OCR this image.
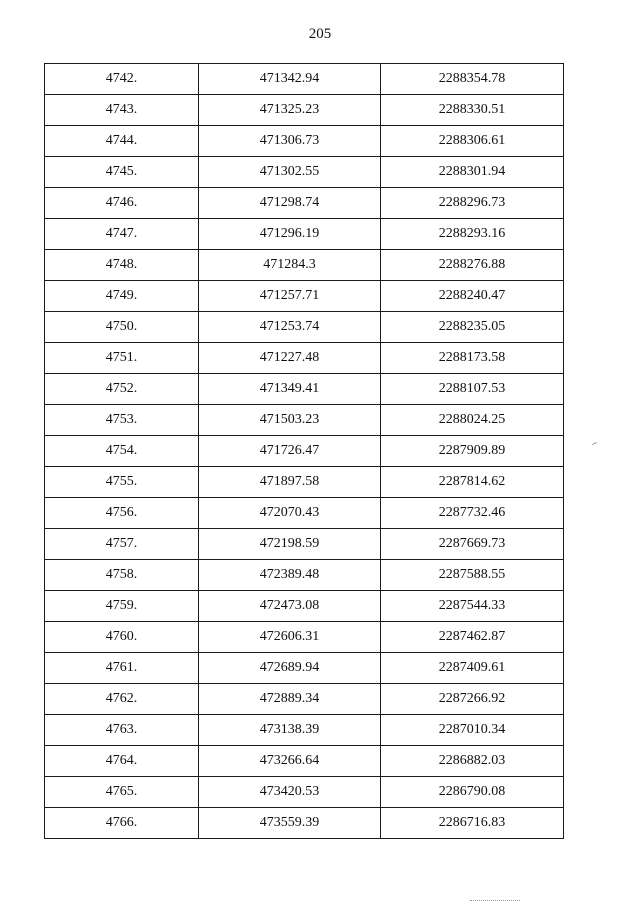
205
4742.	471342.94	2288354.78
4743.	471325.23	2288330.51
4744.	471306.73	2288306.61
4745.	471302.55	2288301.94
4746.	471298.74	2288296.73
4747.	471296.19	2288293.16
4748.	471284.3	2288276.88
4749.	471257.71	2288240.47
4750.	471253.74	2288235.05
4751.	471227.48	2288173.58
4752.	471349.41	2288107.53
4753.	471503.23	2288024.25
4754.	471726.47	2287909.89
4755.	471897.58	2287814.62
4756.	472070.43	2287732.46
4757.	472198.59	2287669.73
4758.	472389.48	2287588.55
4759.	472473.08	2287544.33
4760.	472606.31	2287462.87
4761.	472689.94	2287409.61
4762.	472889.34	2287266.92
4763.	473138.39	2287010.34
4764.	473266.64	2286882.03
4765.	473420.53	2286790.08
4766.	473559.39	2286716.83
